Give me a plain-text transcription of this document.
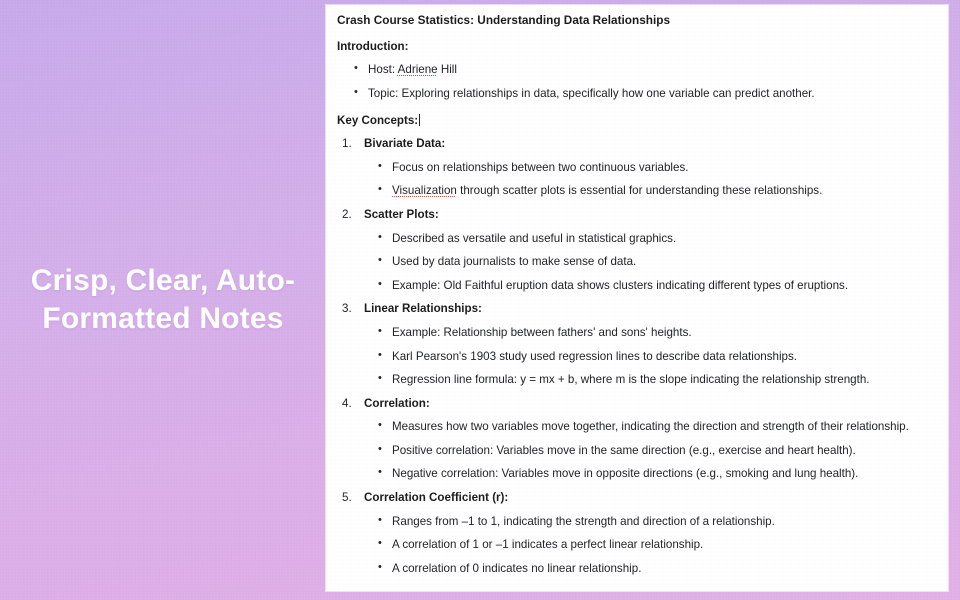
Crisp, Clear, Auto-Formatted Notes
Crash Course Statistics: Understanding Data Relationships
Introduction:
• Host: Adriene Hill
• Topic: Exploring relationships in data, specifically how one variable can predict another.
Key Concepts:
Bivariate Data:
• Focus on relationships between two continuous variables.
• Visualization through scatter plots is essential for understanding these relationships.
Scatter Plots:
• Described as versatile and useful in statistical graphics.
• Used by data journalists to make sense of data.
• Example: Old Faithful eruption data shows clusters indicating different types of eruptions.
Linear Relationships:
• Example: Relationship between fathers' and sons' heights.
• Karl Pearson's 1903 study used regression lines to describe data relationships.
• Regression line formula: y = mx + b, where m is the slope indicating the relationship strength.
Correlation:
• Measures how two variables move together, indicating the direction and strength of their relationship.
• Positive correlation: Variables move in the same direction (e.g., exercise and heart health).
• Negative correlation: Variables move in opposite directions (e.g., smoking and lung health).
Correlation Coefficient (r):
• Ranges from –1 to 1, indicating the strength and direction of a relationship.
• A correlation of 1 or –1 indicates a perfect linear relationship.
• A correlation of 0 indicates no linear relationship.
